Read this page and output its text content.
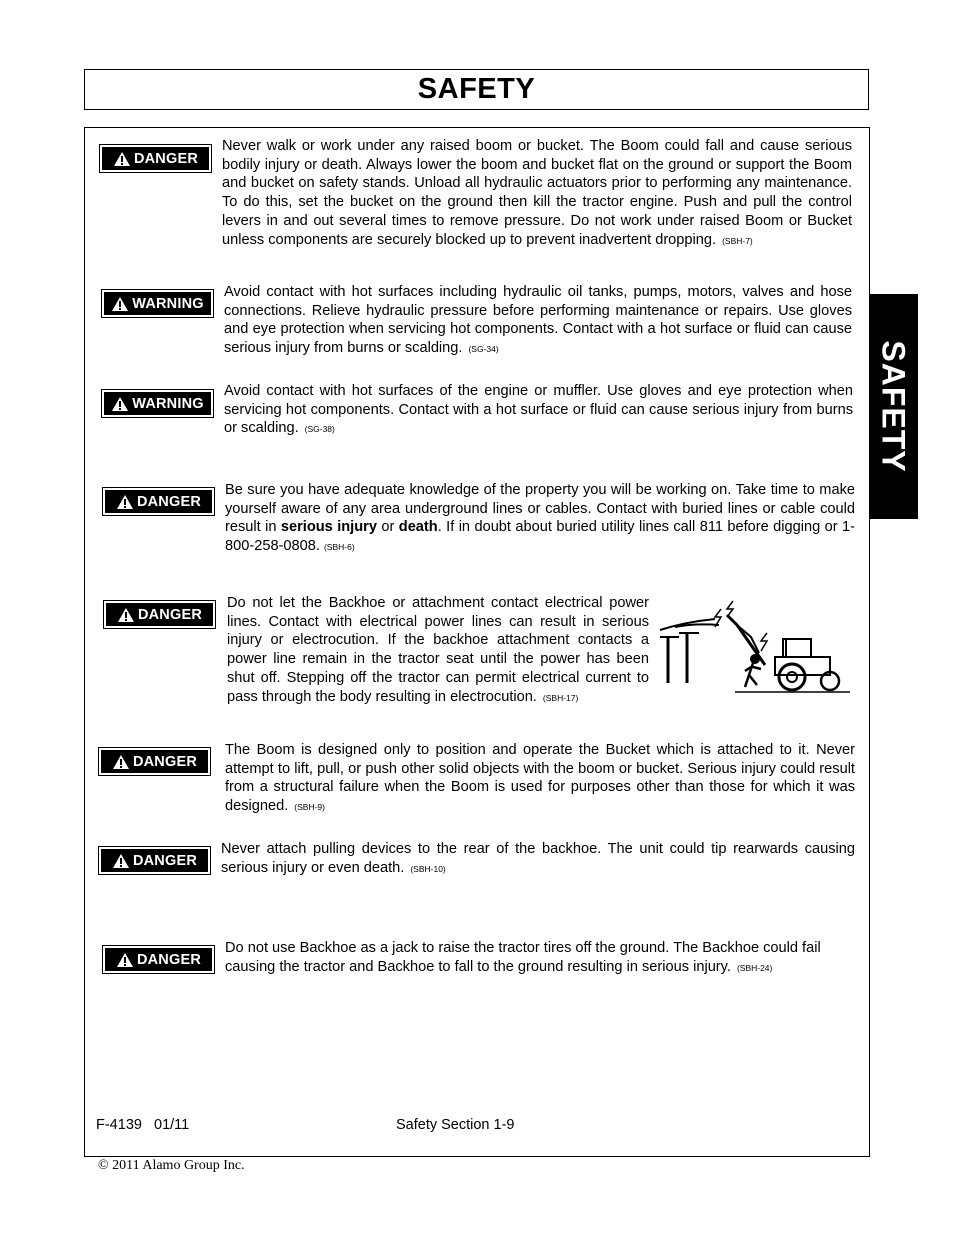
SAFETY
SAFETY
DANGER

Never walk or work under any raised boom or bucket. The Boom could fall and cause serious bodily injury or death. Always lower the boom and bucket flat on the ground or support the Boom and bucket on safety stands. Unload all hydraulic actuators prior to performing any maintenance. To do this, set the bucket on the ground then kill the tractor engine. Push and pull the control levers in and out several times to remove pressure. Do not work under raised Boom or Bucket unless components are securely blocked up to prevent inadvertent dropping. (SBH-7)

WARNING

Avoid contact with hot surfaces including hydraulic oil tanks, pumps, motors, valves and hose connections. Relieve hydraulic pressure before performing maintenance or repairs. Use gloves and eye protection when servicing hot components. Contact with a hot surface or fluid can cause serious injury from burns or scalding. (SG-34)

WARNING

Avoid contact with hot surfaces of the engine or muffler. Use gloves and eye protection when servicing hot components. Contact with a hot surface or fluid can cause serious injury from burns or scalding. (SG-38)

DANGER

Be sure you have adequate knowledge of the property you will be working on. Take time to make yourself aware of any area underground lines or cables. Contact with buried lines or cable could result in serious injury or death. If in doubt about buried utility lines call 811 before digging or 1-800-258-0808. (SBH-6)

DANGER

Do not let the Backhoe or attachment contact electrical power lines. Contact with electrical power lines can result in serious injury or electrocution. If the backhoe attachment contacts a power line remain in the tractor seat until the power has been shut off. Stepping off the tractor can permit electrical current to pass through the body resulting in electrocution. (SBH-17)

DANGER

The Boom is designed only to position and operate the Bucket which is attached to it. Never attempt to lift, pull, or push other solid objects with the boom or bucket. Serious injury could result from a structural failure when the Boom is used for purposes other than those for which it was designed. (SBH-9)

DANGER

Never attach pulling devices to the rear of the backhoe. The unit could tip rearwards causing serious injury or even death. (SBH-10)

DANGER

Do not use Backhoe as a jack to raise the tractor tires off the ground. The Backhoe could fail causing the tractor and Backhoe to fall to the ground resulting in serious injury. (SBH-24)

F-4139   01/11	Safety Section 1-9
© 2011 Alamo Group Inc.
